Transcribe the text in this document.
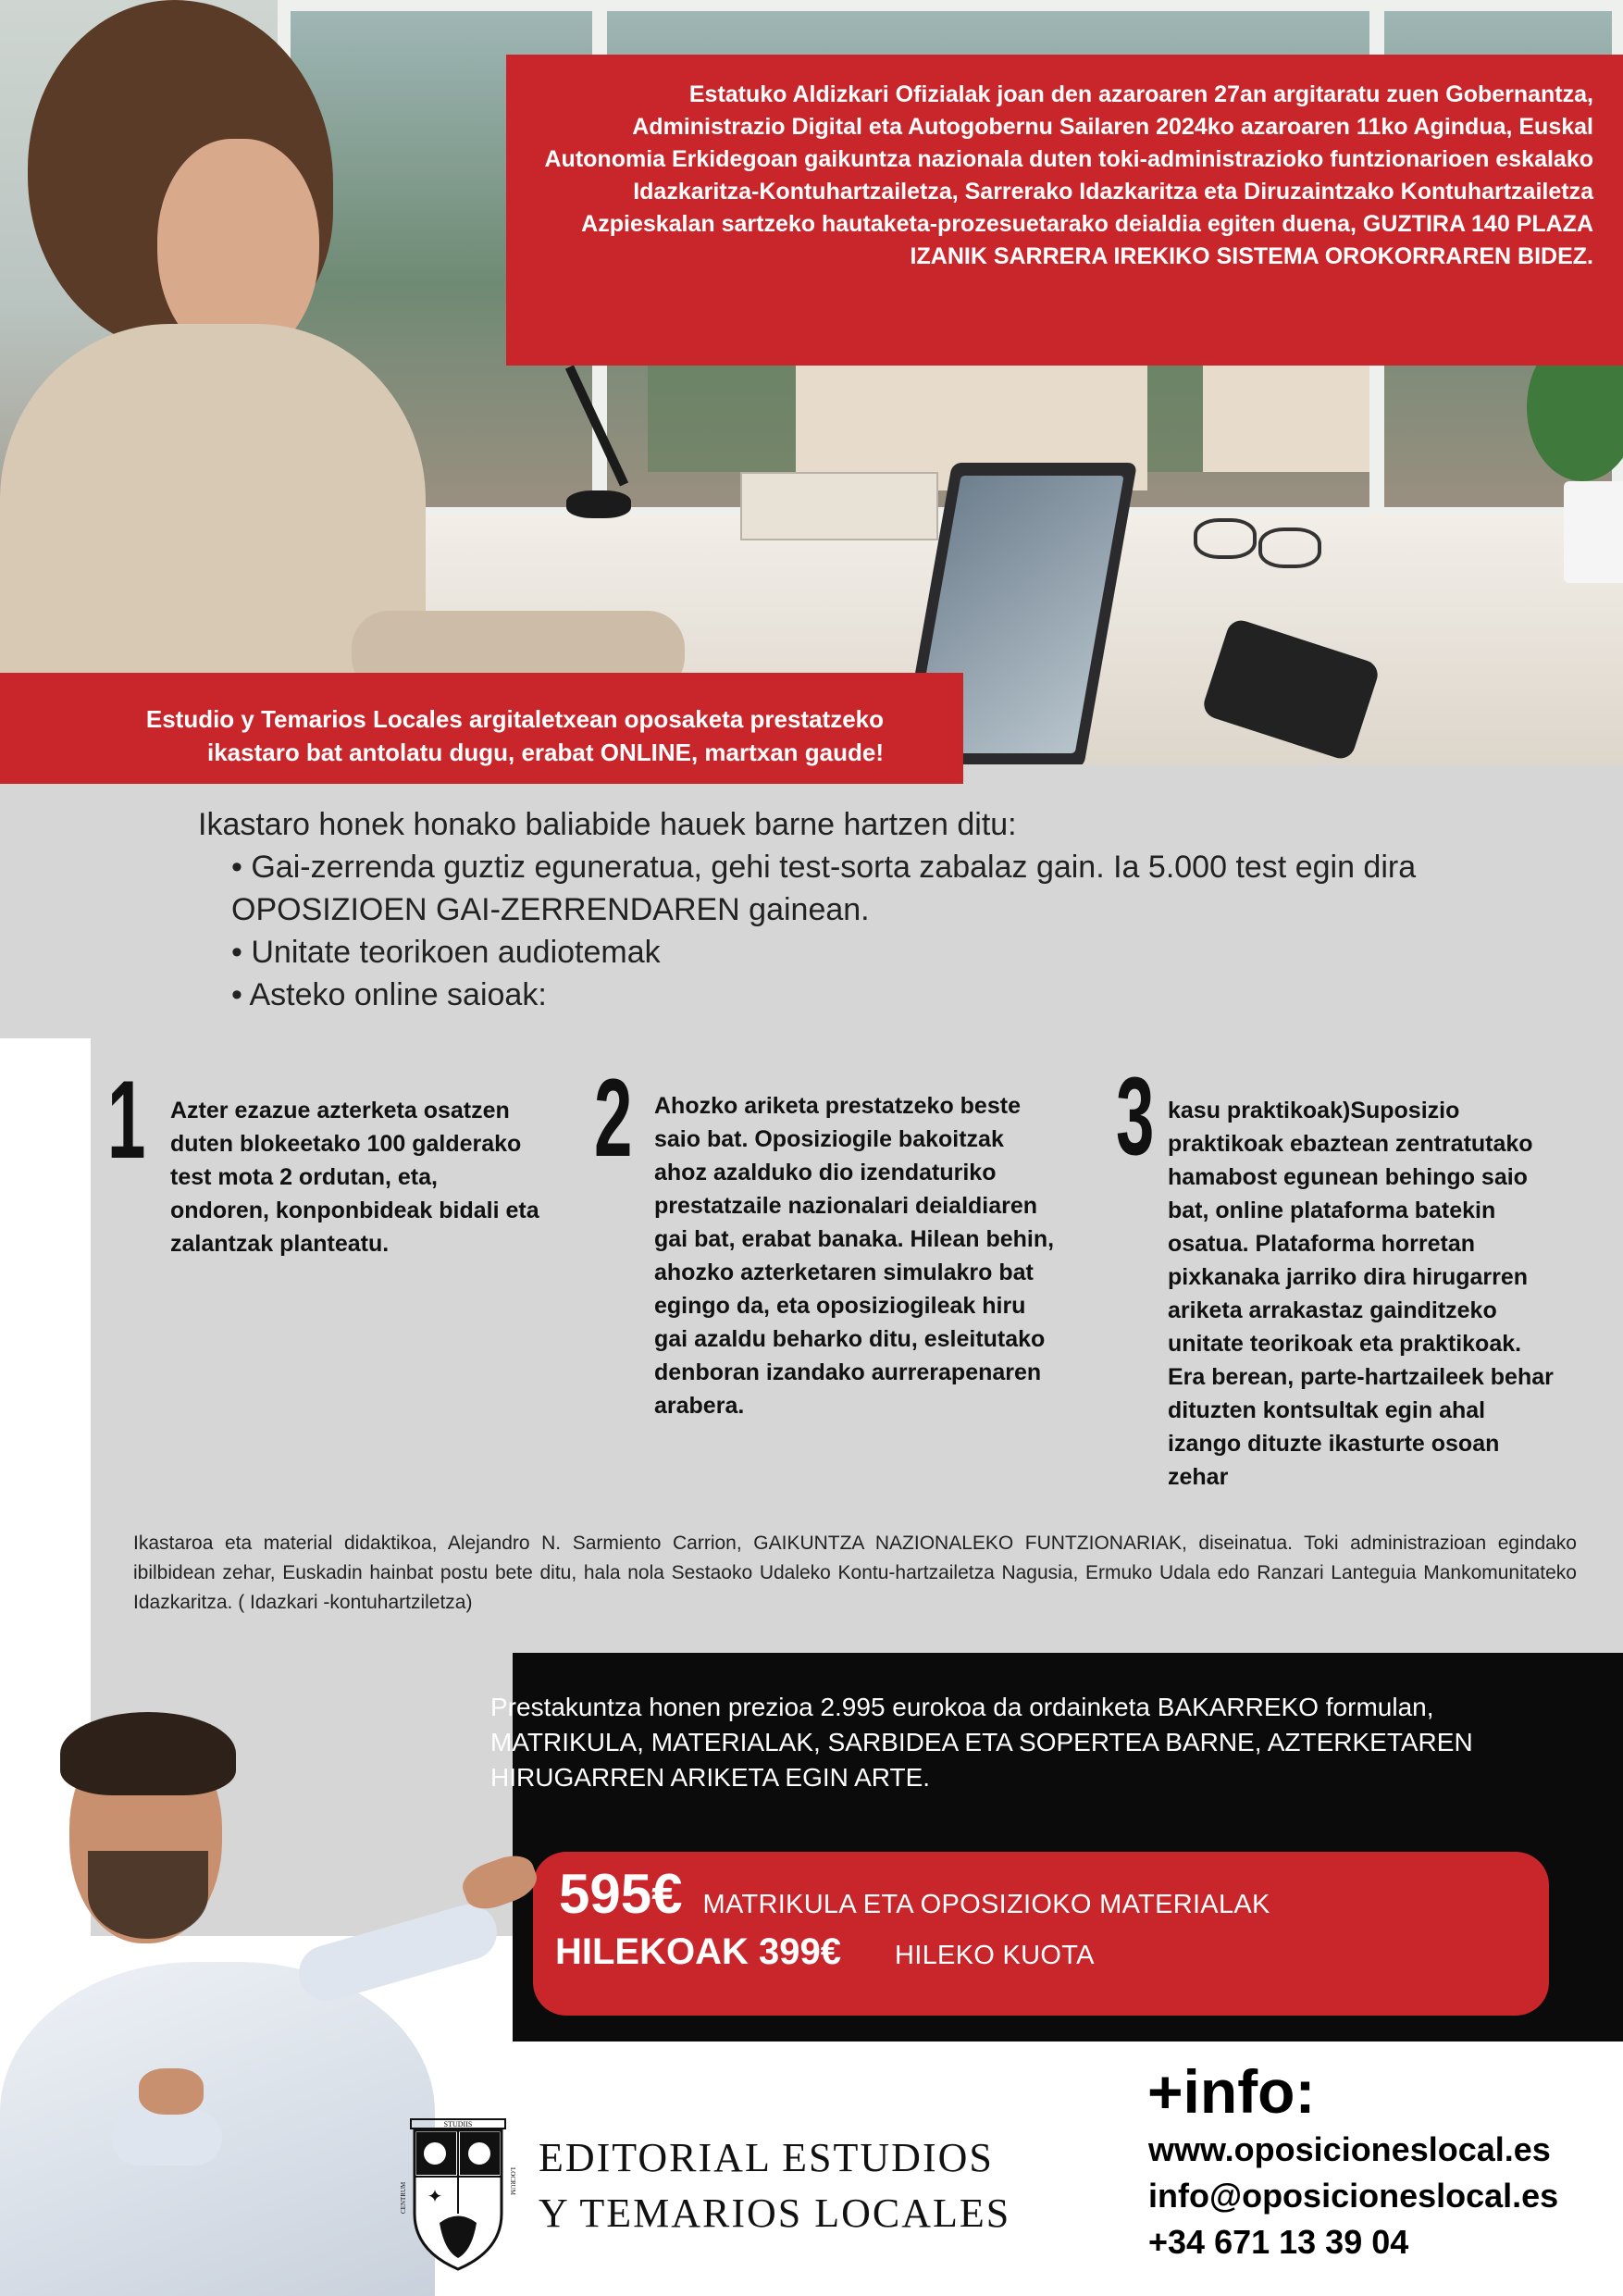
Estatuko Aldizkari Ofizialak joan den azaroaren 27an argitaratu zuen Gobernantza, Administrazio Digital eta Autogobernu Sailaren 2024ko azaroaren 11ko Agindua, Euskal Autonomia Erkidegoan gaikuntza nazionala duten toki-administrazioko funtzionarioen eskalako Idazkaritza-Kontuhartzailetza, Sarrerako Idazkaritza eta Diruzaintzako Kontuhartzailetza Azpieskalan sartzeko hautaketa-prozesuetarako deialdia egiten duena, GUZTIRA 140 PLAZA IZANIK SARRERA IREKIKO SISTEMA OROKORRAREN BIDEZ.
Estudio y Temarios Locales argitaletxean oposaketa prestatzeko
ikastaro bat antolatu dugu, erabat ONLINE, martxan gaude!
Ikastaro honek honako baliabide hauek barne hartzen ditu:
• Gai-zerrenda guztiz eguneratua, gehi test-sorta zabalaz gain. Ia 5.000 test egin dira OPOSIZIOEN GAI-ZERRENDAREN gainean.
• Unitate teorikoen audiotemak
• Asteko online saioak:
1 Azter ezazue azterketa osatzen duten blokeetako 100 galderako test mota 2 ordutan, eta, ondoren, konponbideak bidali eta zalantzak planteatu.
2 Ahozko ariketa prestatzeko beste saio bat. Oposiziogile bakoitzak ahoz azalduko dio izendaturiko prestatzaile nazionalari deialdiaren gai bat, erabat banaka. Hilean behin, ahozko azterketaren simulakro bat egingo da, eta oposiziogileak hiru gai azaldu beharko ditu, esleitutako denboran izandako aurrerapenaren arabera.
3 kasu praktikoak)Suposizio praktikoak ebaztean zentratutako hamabost egunean behingo saio bat, online plataforma batekin osatua. Plataforma horretan pixkanaka jarriko dira hirugarren ariketa arrakastaz gainditzeko unitate teorikoak eta praktikoak. Era berean, parte-hartzaileek behar dituzten kontsultak egin ahal izango dituzte ikasturte osoan zehar
Ikastaroa eta material didaktikoa, Alejandro N. Sarmiento Carrion, GAIKUNTZA NAZIONALEKO FUNTZIONARIAK, diseinatua. Toki administrazioan egindako ibilbidean zehar, Euskadin hainbat postu bete ditu, hala nola Sestaoko Udaleko Kontu-hartzailetza Nagusia, Ermuko Udala edo Ranzari Lanteguia Mankomunitateko Idazkaritza. ( Idazkari -kontuhartziletza)
Prestakuntza honen prezioa 2.995 eurokoa da ordainketa BAKARREKO formulan, MATRIKULA, MATERIALAK, SARBIDEA ETA SOPERTEA BARNE, AZTERKETAREN HIRUGARREN ARIKETA EGIN ARTE.
595€ MATRIKULA ETA OPOSIZIOKO MATERIALAK
HILEKOAK 399€ HILEKO KUOTA
STUDIIS
✦
CENTRUM
LOCRUM
EDITORIAL ESTUDIOS
Y TEMARIOS LOCALES
+info:
www.oposicioneslocal.es
info@oposicioneslocal.es
+34 671 13 39 04
